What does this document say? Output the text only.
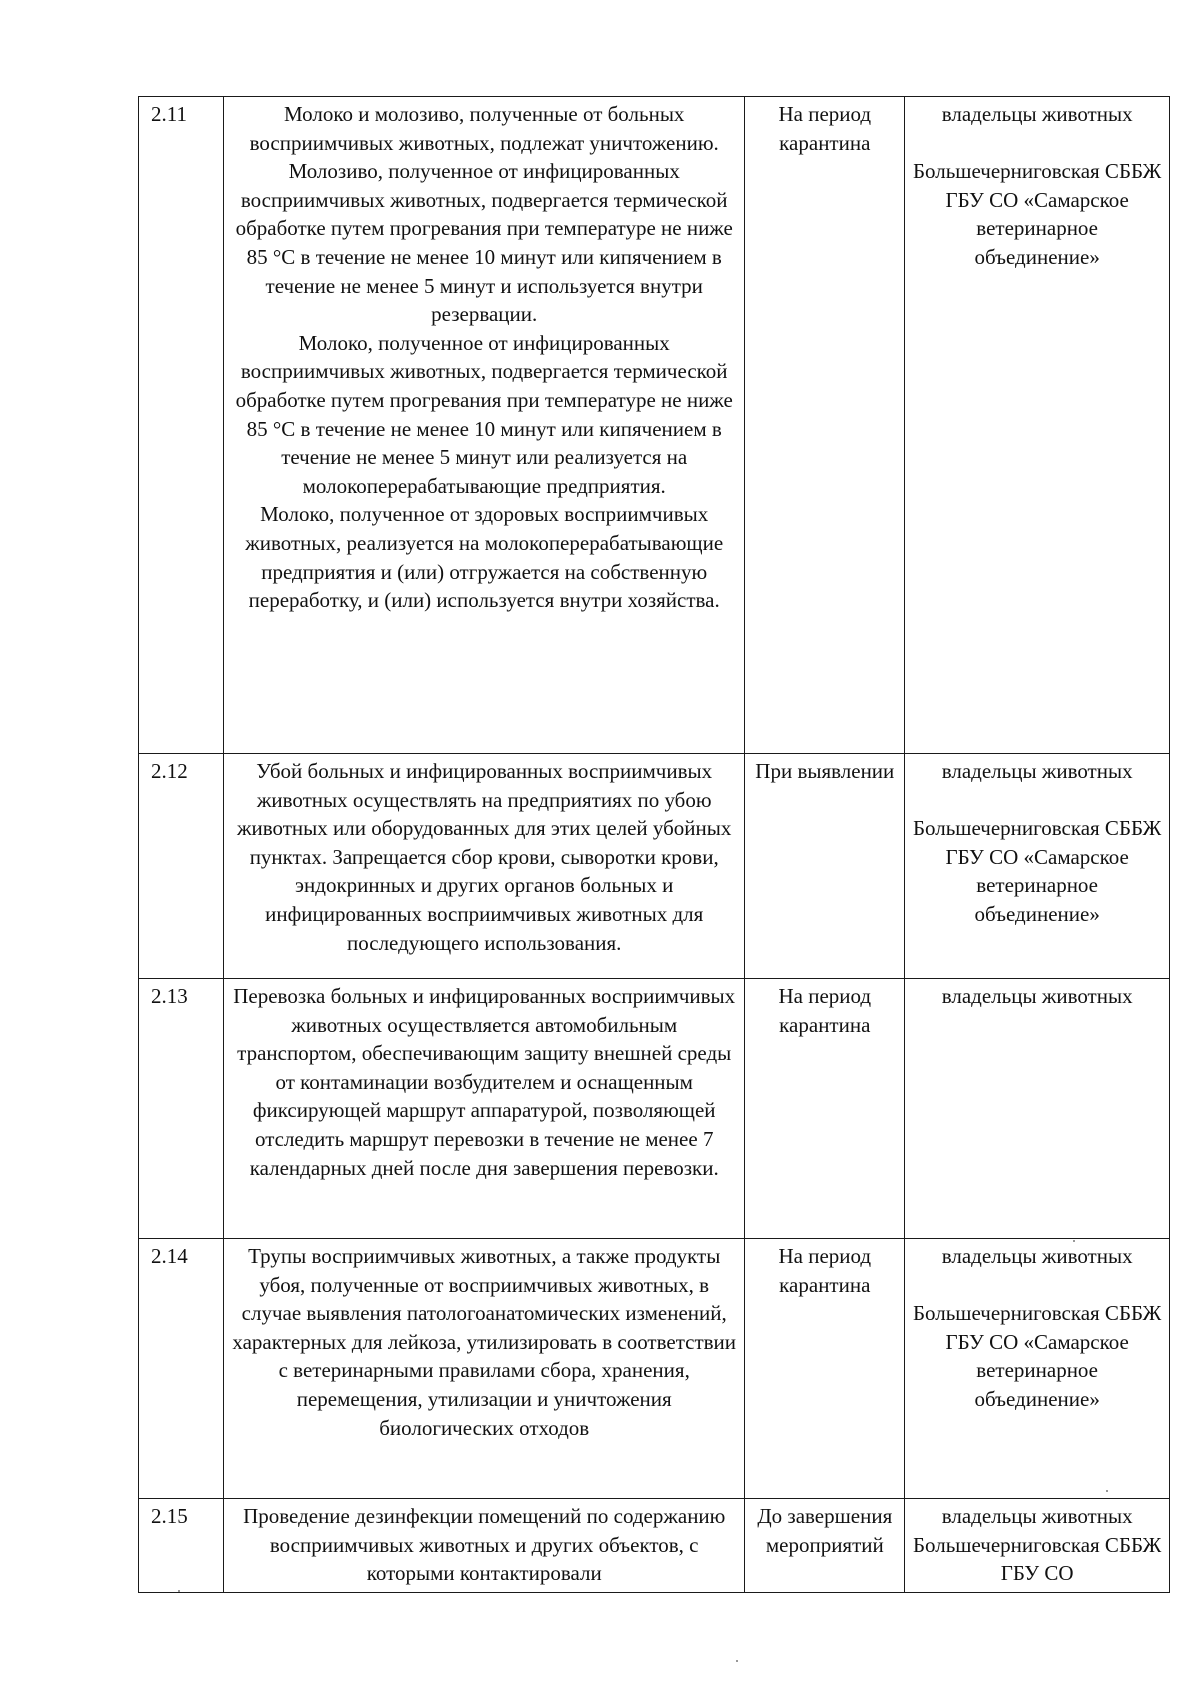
2.11	Молоко и молозиво, полученные от больных восприимчивых животных, подлежат уничтожению. Молозиво, полученное от инфицированных восприимчивых животных, подвергается термической обработке путем прогревания при температуре не ниже 85 °С в течение не менее 10 минут или кипячением в течение не менее 5 минут и используется внутри резервации.
Молоко, полученное от инфицированных восприимчивых животных, подвергается термической обработке путем прогревания при температуре не ниже 85 °С в течение не менее 10 минут или кипячением в течение не менее 5 минут или реализуется на молокоперерабатывающие предприятия.
Молоко, полученное от здоровых восприимчивых животных, реализуется на молокоперерабатывающие предприятия и (или) отгружается на собственную переработку, и (или) используется внутри хозяйства.	На период карантина	владельцы животных
Большечерниговская СББЖ ГБУ СО «Самарское ветеринарное объединение»

2.12	Убой больных и инфицированных восприимчивых животных осуществлять на предприятиях по убою животных или оборудованных для этих целей убойных пунктах. Запрещается сбор крови, сыворотки крови, эндокринных и других органов больных и инфицированных восприимчивых животных для последующего использования.	При выявлении	владельцы животных
Большечерниговская СББЖ ГБУ СО «Самарское ветеринарное объединение»

2.13	Перевозка больных и инфицированных восприимчивых животных осуществляется автомобильным транспортом, обеспечивающим защиту внешней среды от контаминации возбудителем и оснащенным фиксирующей маршрут аппаратурой, позволяющей отследить маршрут перевозки в течение не менее 7 календарных дней после дня завершения перевозки.	На период карантина	владельцы животных

2.14	Трупы восприимчивых животных, а также продукты убоя, полученные от восприимчивых животных, в случае выявления патологоанатомических изменений, характерных для лейкоза, утилизировать в соответствии с ветеринарными правилами сбора, хранения, перемещения, утилизации и уничтожения биологических отходов	На период карантина	владельцы животных
Большечерниговская СББЖ ГБУ СО «Самарское ветеринарное объединение»

2.15	Проведение дезинфекции помещений по содержанию восприимчивых животных и других объектов, с которыми контактировали	До завершения мероприятий	владельцы животных
Большечерниговская СББЖ ГБУ СО
